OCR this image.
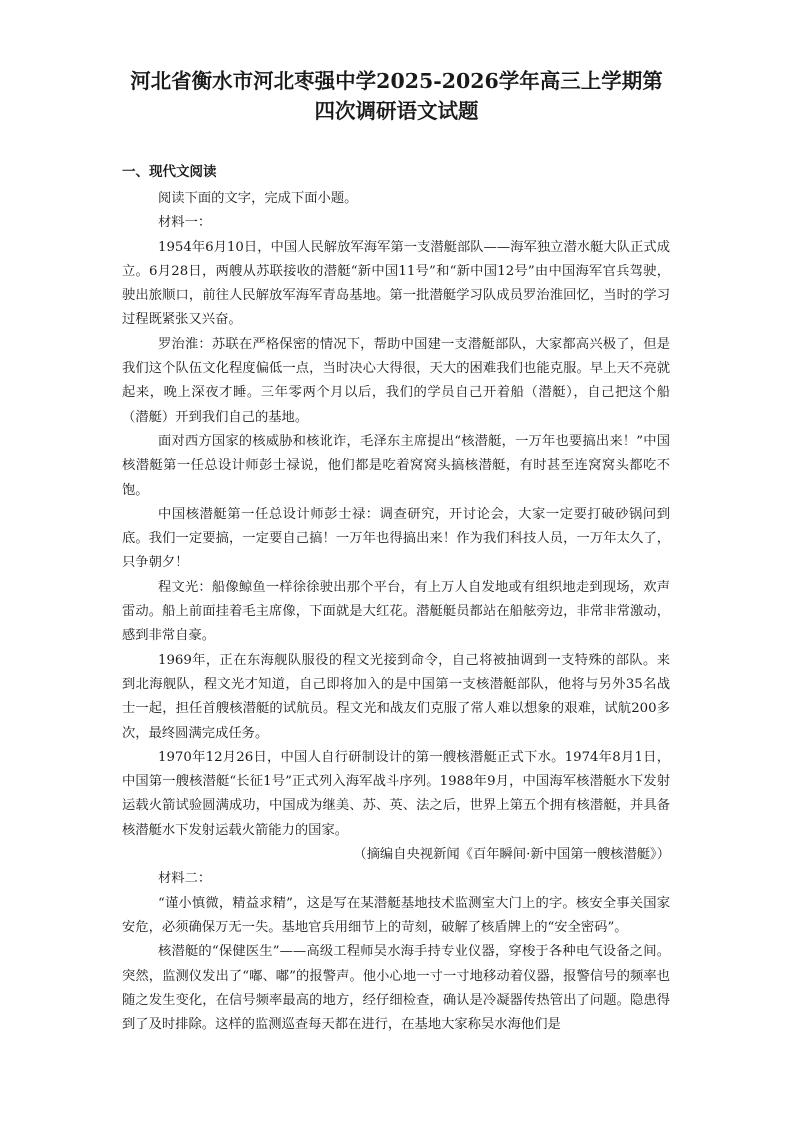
河北省衡水市河北枣强中学2025-2026学年高三上学期第
四次调研语文试题
一、现代文阅读

阅读下面的文字，完成下面小题。

材料一：

1954年6月10日，中国人民解放军海军第一支潜艇部队——海军独立潜水艇大队正式成立。6月28日，两艘从苏联接收的潜艇“新中国11号”和“新中国12号”由中国海军官兵驾驶，驶出旅顺口，前往人民解放军海军青岛基地。第一批潜艇学习队成员罗治淮回忆，当时的学习过程既紧张又兴奋。

罗治淮：苏联在严格保密的情况下，帮助中国建一支潜艇部队，大家都高兴极了，但是我们这个队伍文化程度偏低一点，当时决心大得很，天大的困难我们也能克服。早上天不亮就起来，晚上深夜才睡。三年零两个月以后，我们的学员自己开着船（潜艇），自己把这个船（潜艇）开到我们自己的基地。

面对西方国家的核威胁和核讹诈，毛泽东主席提出“核潜艇，一万年也要搞出来！”中国核潜艇第一任总设计师彭士禄说，他们都是吃着窝窝头搞核潜艇，有时甚至连窝窝头都吃不饱。

中国核潜艇第一任总设计师彭士禄：调查研究，开讨论会，大家一定要打破砂锅问到底。我们一定要搞，一定要自己搞！一万年也得搞出来！作为我们科技人员，一万年太久了，只争朝夕！

程文光：船像鲸鱼一样徐徐驶出那个平台，有上万人自发地或有组织地走到现场，欢声雷动。船上前面挂着毛主席像，下面就是大红花。潜艇艇员都站在船舷旁边，非常非常激动，感到非常自豪。

1969年，正在东海舰队服役的程文光接到命令，自己将被抽调到一支特殊的部队。来到北海舰队，程文光才知道，自己即将加入的是中国第一支核潜艇部队，他将与另外35名战士一起，担任首艘核潜艇的试航员。程文光和战友们克服了常人难以想象的艰难，试航200多次，最终圆满完成任务。

1970年12月26日，中国人自行研制设计的第一艘核潜艇正式下水。1974年8月1日，中国第一艘核潜艇“长征1号”正式列入海军战斗序列。1988年9月，中国海军核潜艇水下发射运载火箭试验圆满成功，中国成为继美、苏、英、法之后，世界上第五个拥有核潜艇，并具备核潜艇水下发射运载火箭能力的国家。

（摘编自央视新闻《百年瞬间·新中国第一艘核潜艇》）

材料二：

“谨小慎微，精益求精”，这是写在某潜艇基地技术监测室大门上的字。核安全事关国家安危，必须确保万无一失。基地官兵用细节上的苛刻，破解了核盾牌上的“安全密码”。

核潜艇的“保健医生”——高级工程师吴水海手持专业仪器，穿梭于各种电气设备之间。突然，监测仪发出了“嘟、嘟”的报警声。他小心地一寸一寸地移动着仪器，报警信号的频率也随之发生变化，在信号频率最高的地方，经仔细检查，确认是冷凝器传热管出了问题。隐患得到了及时排除。这样的监测巡查每天都在进行，在基地大家称吴水海他们是
